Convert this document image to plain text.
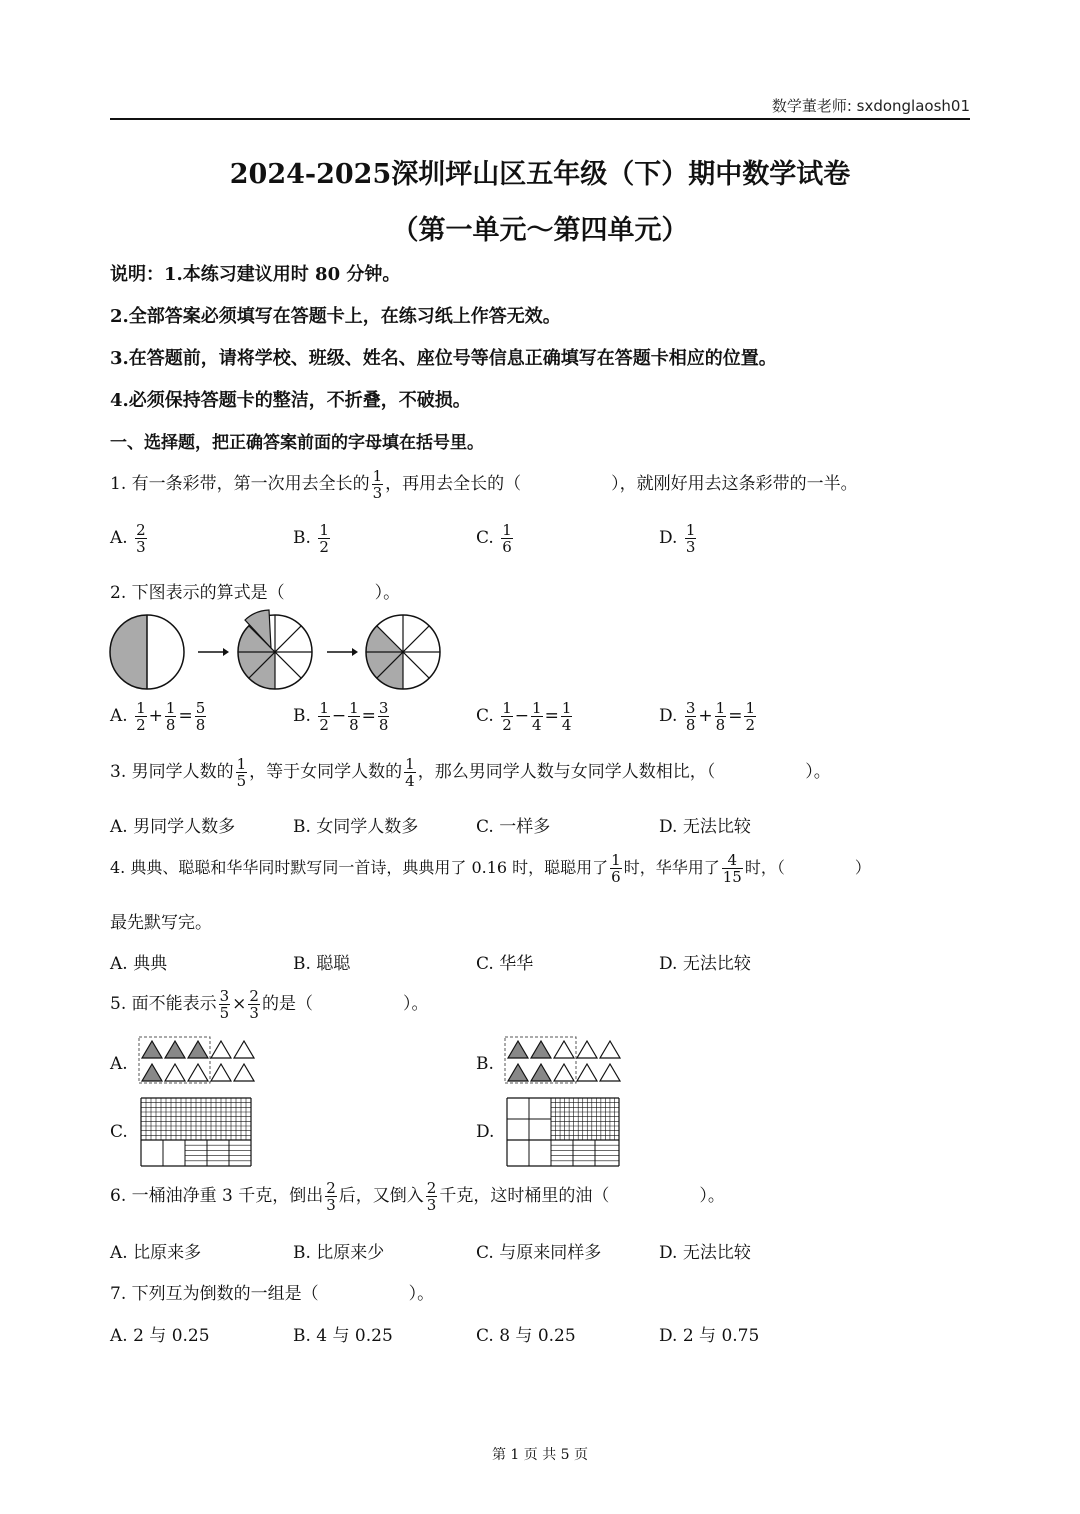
数学董老师: sxdonglaosh01
2024-2025深圳坪山区五年级（下）期中数学试卷
（第一单元～第四单元）
说明：1.本练习建议用时 80 分钟。
2.全部答案必须填写在答题卡上，在练习纸上作答无效。
3.在答题前，请将学校、班级、姓名、座位号等信息正确填写在答题卡相应的位置。
4.必须保持答题卡的整洁，不折叠，不破损。
一、选择题，把正确答案前面的字母填在括号里。
1. 有一条彩带，第一次用去全长的 $\frac{1}{3}$ ，再用去全长的（	），就刚好用去这条彩带的一半。
A. $\frac{2}{3}$	B. $\frac{1}{2}$	C. $\frac{1}{6}$	D. $\frac{1}{3}$
2. 下图表示的算式是（	）。
A. $\frac{1}{2} + \frac{1}{8} = \frac{5}{8}$	B. $\frac{1}{2} - \frac{1}{8} = \frac{3}{8}$	C. $\frac{1}{2} - \frac{1}{4} = \frac{1}{4}$	D. $\frac{3}{8} + \frac{1}{8} = \frac{1}{2}$
3. 男同学人数的 $\frac{1}{5}$ ，等于女同学人数的 $\frac{1}{4}$ ，那么男同学人数与女同学人数相比，（	）。
A. 男同学人数多	B. 女同学人数多	C. 一样多	D. 无法比较
4. 典典、聪聪和华华同时默写同一首诗，典典用了 0.16 时，聪聪用了 $\frac{1}{6}$ 时，华华用了 $\frac{4}{15}$ 时，（	）
最先默写完。
A. 典典	B. 聪聪	C. 华华	D. 无法比较
5. 面不能表示 $\frac{3}{5} \times \frac{2}{3}$ 的是（	）。
A.	B.
C.	D.
6. 一桶油净重 3 千克，倒出 $\frac{2}{3}$ 后，又倒入 $\frac{2}{3}$ 千克，这时桶里的油（	）。
A. 比原来多	B. 比原来少	C. 与原来同样多	D. 无法比较
7. 下列互为倒数的一组是（	）。
A. 2 与 0.25	B. 4 与 0.25	C. 8 与 0.25	D. 2 与 0.75
第 1 页 共 5 页
